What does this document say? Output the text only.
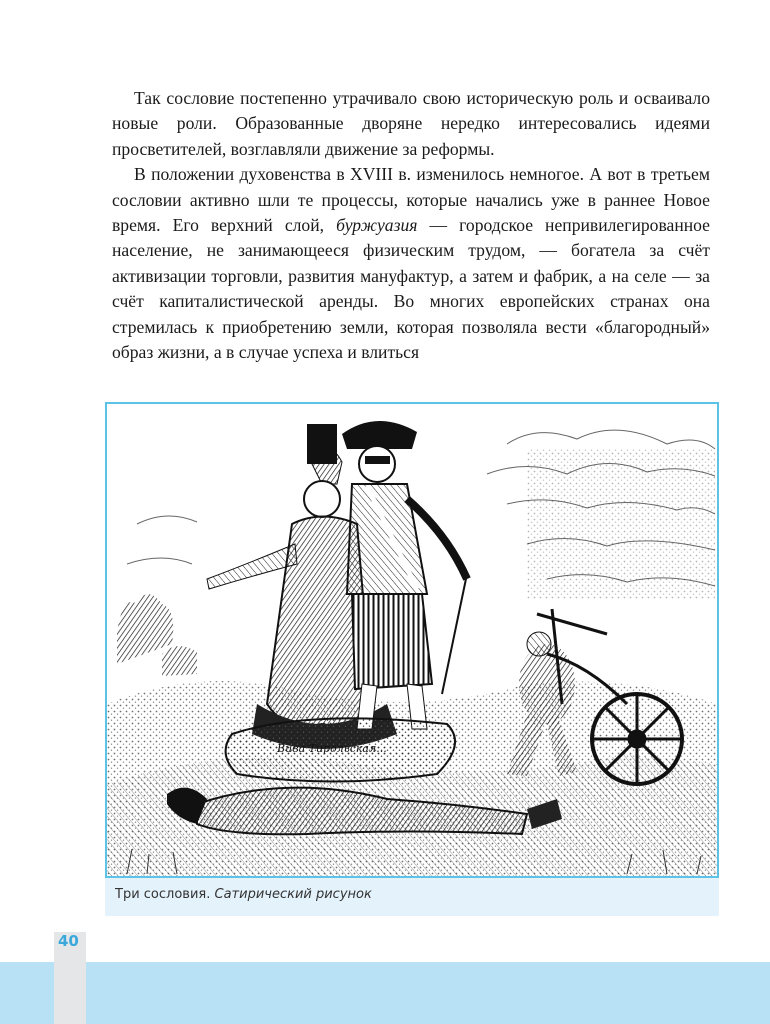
Так сословие постепенно утрачивало свою историческую роль и осваивало новые роли. Образованные дворяне нередко интересовались идеями просветителей, возглавляли движение за реформы.

В положении духовенства в XVIII в. изменилось немногое. А вот в третьем сословии активно шли те процессы, которые начались уже в раннее Новое время. Его верхний слой, буржуазия — городское непривилегированное население, не занимающееся физическим трудом, — богатела за счёт активизации торговли, развития мануфактур, а затем и фабрик, а на селе — за счёт капиталистической аренды. Во многих европейских странах она стремилась к приобретению земли, которая позволяла вести «благородный» образ жизни, а в случае успеха и влиться

Вива Тирольская...
Три сословия. Сатирический рисунок
40
